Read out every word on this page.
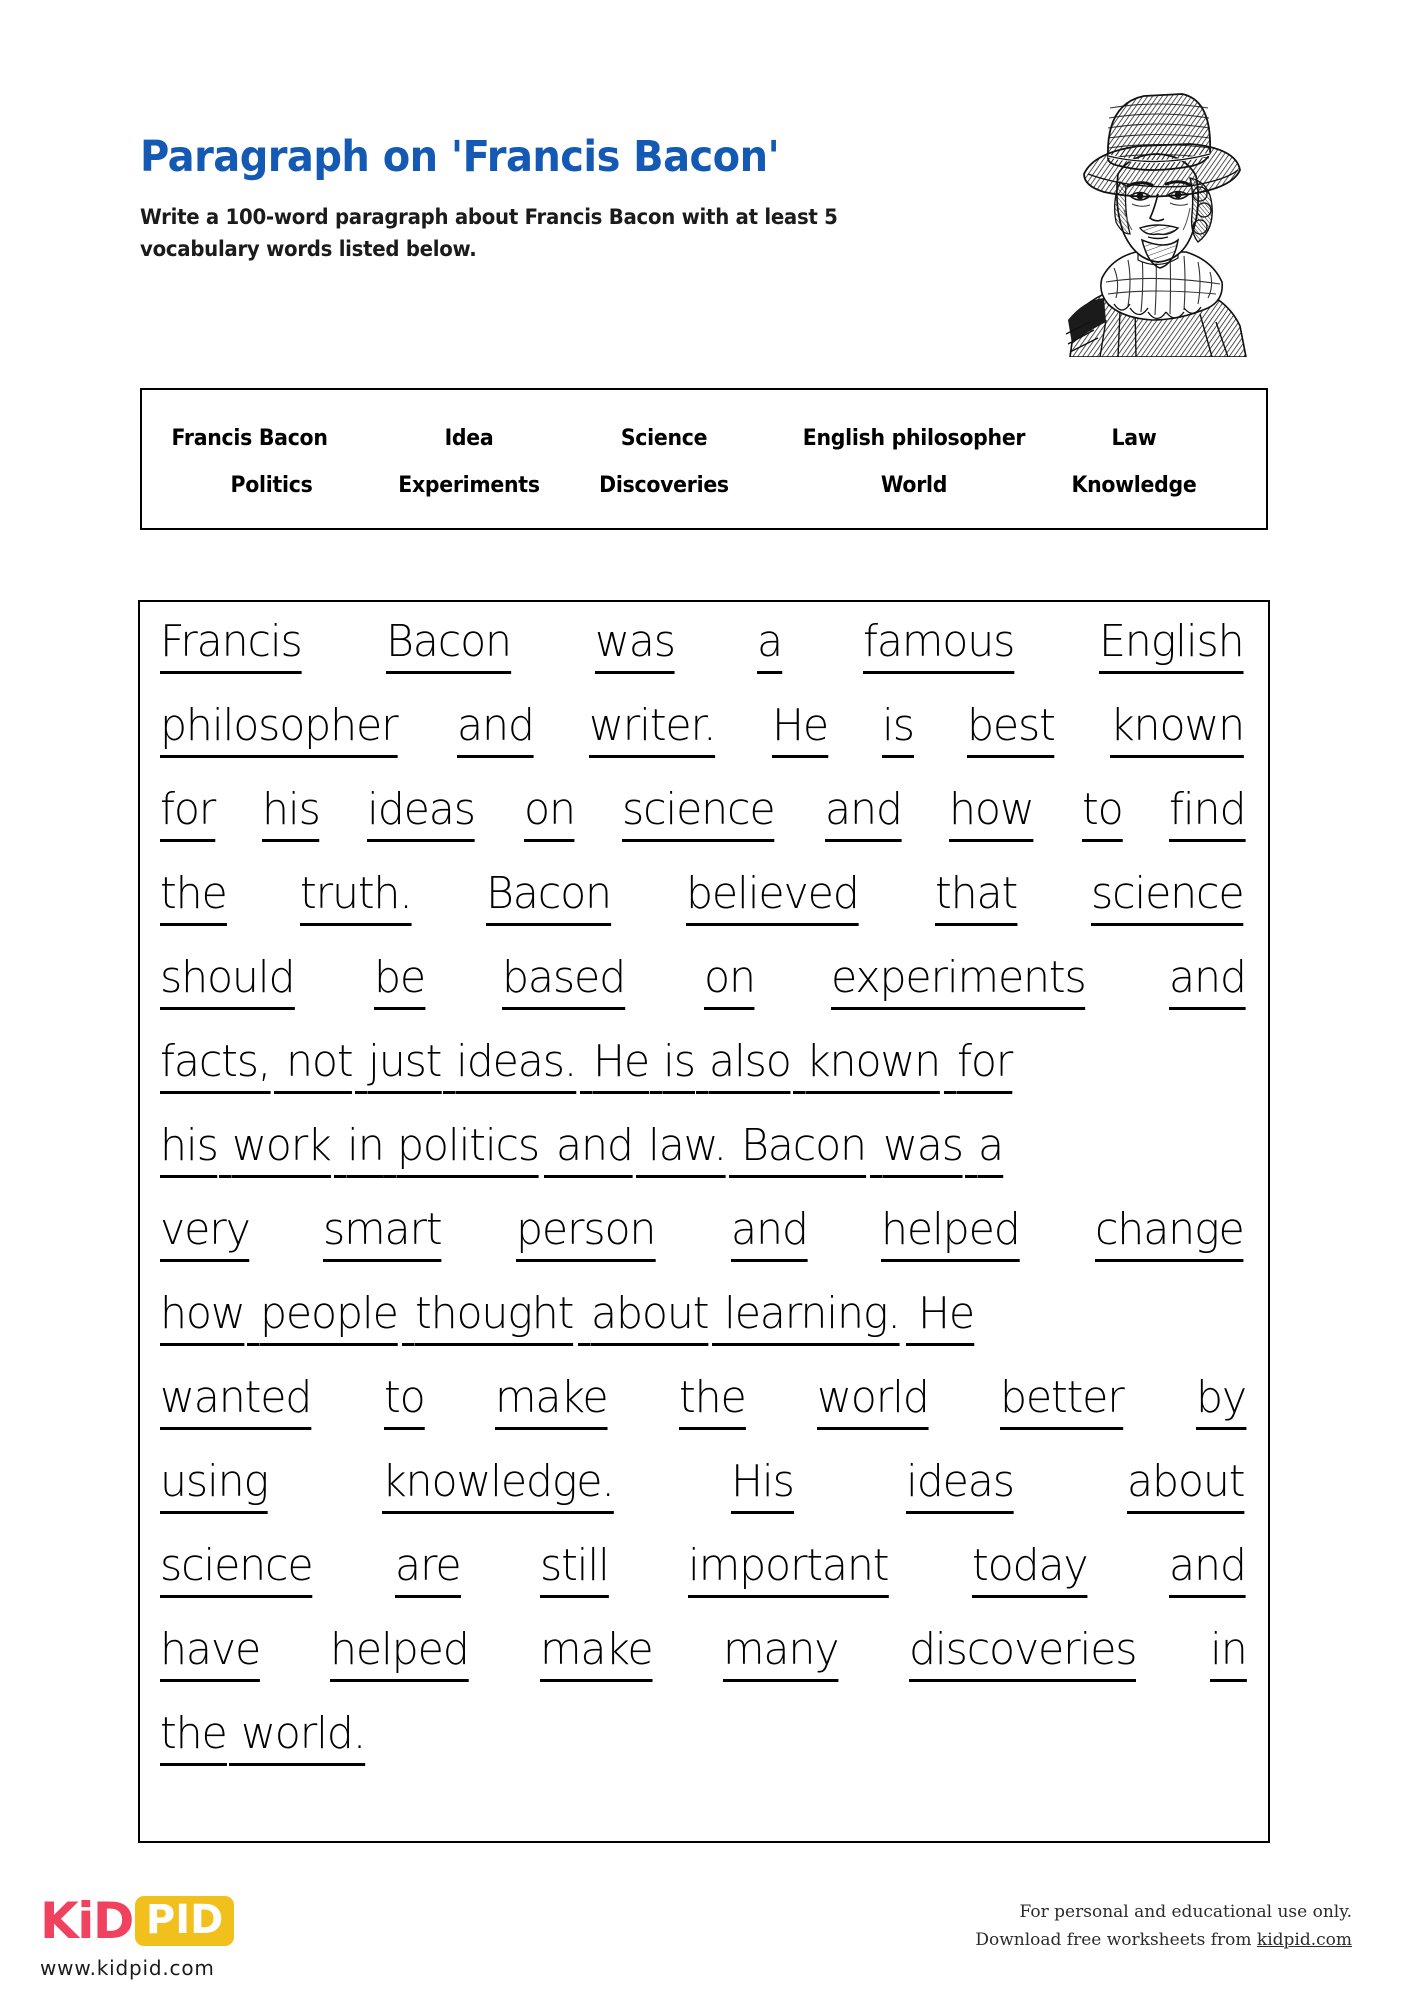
Paragraph on 'Francis Bacon'
Write a 100-word paragraph about Francis Bacon with at least 5 vocabulary words listed below.
Francis Bacon	Idea	Science	English philosopher	Law
Politics	Experiments	Discoveries	World	Knowledge
Francis Bacon was a famous English
philosopher and writer. He is best known
for his ideas on science and how to find
the truth. Bacon believed that science
should be based on experiments and
facts,
not
just
ideas.
He
is
also
known
for
his
work
in
politics
and
law.
Bacon
was
a
very smart person and helped change
how
people
thought
about
learning.
He
wanted to make the world better by
using	knowledge.	His	ideas	about
science are still important today and
have helped make many discoveries in
the
world.
KiD PID
www.kidpid.com
For personal and educational use only.
Download free worksheets from kidpid.com
